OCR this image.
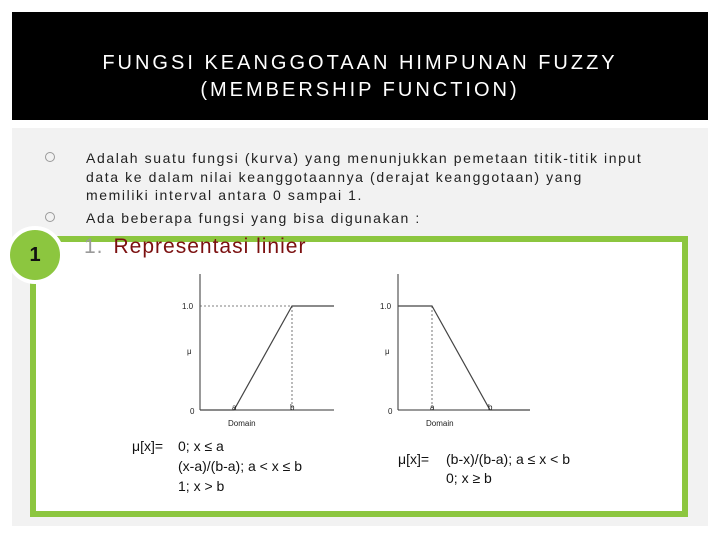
FUNGSI KEANGGOTAAN HIMPUNAN FUZZY
(MEMBERSHIP FUNCTION)
Adalah suatu fungsi (kurva) yang menunjukkan pemetaan titik-titik input
data ke dalam nilai keanggotaannya (derajat keanggotaan) yang
memiliki interval antara 0 sampai 1.
Ada beberapa fungsi yang bisa digunakan :
1	1. Representasi linier
1.0
μ
0	a	b
Domain
1.0
μ
0	a	b
Domain
μ[x]= 0; x ≤ a
(x-a)/(b-a); a < x ≤ b
1; x > b
μ[x]= (b-x)/(b-a); a ≤ x < b
0; x ≥ b
